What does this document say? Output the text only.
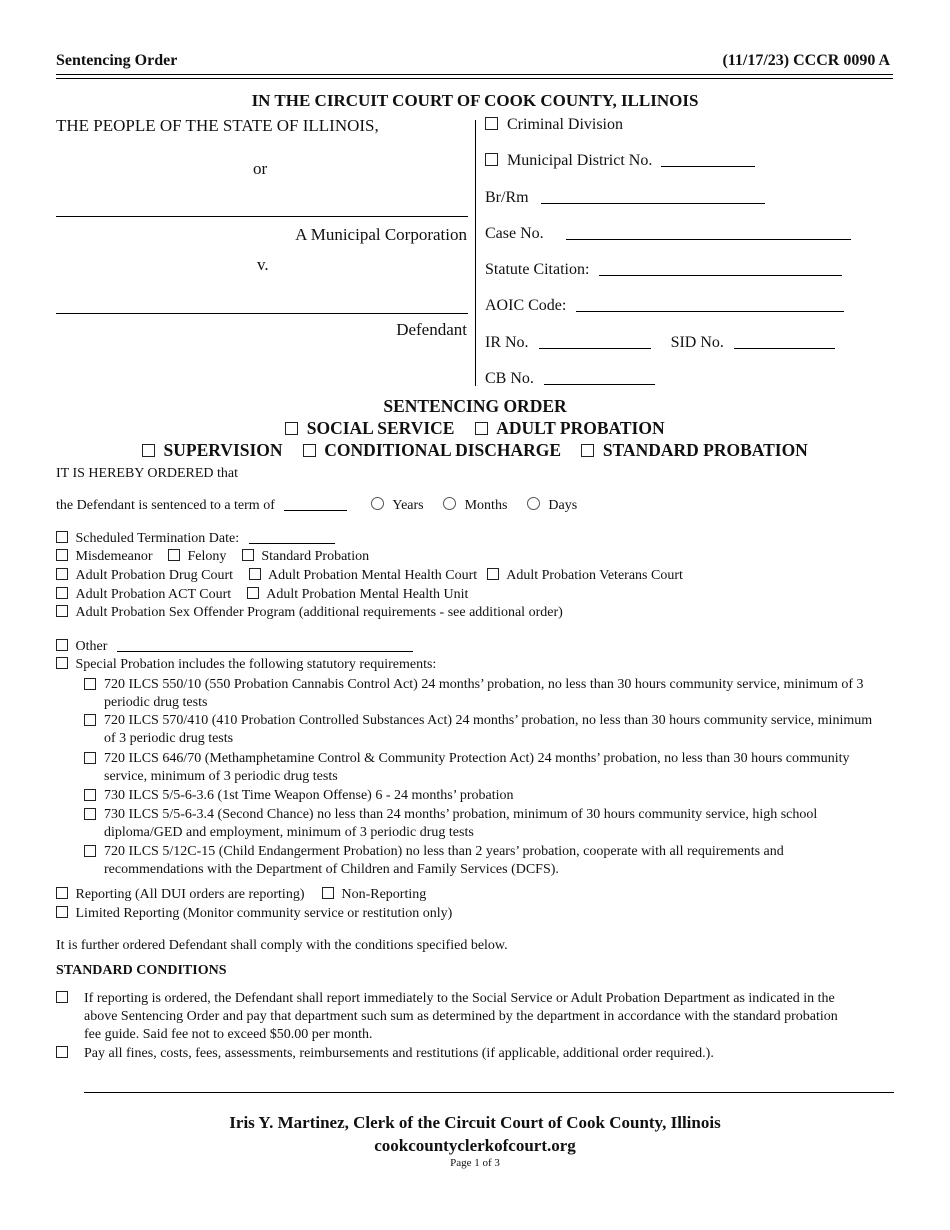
Sentencing Order	(11/17/23) CCCR 0090 A
IN THE CIRCUIT COURT OF COOK COUNTY, ILLINOIS
THE PEOPLE OF THE STATE OF ILLINOIS,
or
A Municipal Corporation
v.
Defendant
Criminal Division
Municipal District No.
Br/Rm
Case No.
Statute Citation:
AOIC Code:
IR No.	SID No.
CB No.
SENTENCING ORDER
SOCIAL SERVICE ADULT PROBATION
SUPERVISION CONDITIONAL DISCHARGE STANDARD PROBATION
IT IS HEREBY ORDERED that
the Defendant is sentenced to a term of	Years	Months	Days
Scheduled Termination Date:
Misdemeanor	Felony	Standard Probation
Adult Probation Drug Court	Adult Probation Mental Health Court Adult Probation Veterans Court
Adult Probation ACT Court	Adult Probation Mental Health Unit
Adult Probation Sex Offender Program (additional requirements - see additional order)
Other
Special Probation includes the following statutory requirements:
720 ILCS 550/10 (550 Probation Cannabis Control Act) 24 months’ probation, no less than 30 hours community service, minimum of 3 periodic drug tests
720 ILCS 570/410 (410 Probation Controlled Substances Act) 24 months’ probation, no less than 30 hours community service, minimum of 3 periodic drug tests
720 ILCS 646/70 (Methamphetamine Control & Community Protection Act) 24 months’ probation, no less than 30 hours community service, minimum of 3 periodic drug tests
730 ILCS 5/5-6-3.6 (1st Time Weapon Offense) 6 - 24 months’ probation
730 ILCS 5/5-6-3.4 (Second Chance) no less than 24 months’ probation, minimum of 30 hours community service, high school diploma/GED and employment, minimum of 3 periodic drug tests
720 ILCS 5/12C-15 (Child Endangerment Probation) no less than 2 years’ probation, cooperate with all requirements and recommendations with the Department of Children and Family Services (DCFS).
Reporting (All DUI orders are reporting)	Non-Reporting
Limited Reporting (Monitor community service or restitution only)
It is further ordered Defendant shall comply with the conditions specified below.
STANDARD CONDITIONS
If reporting is ordered, the Defendant shall report immediately to the Social Service or Adult Probation Department as indicated in the above Sentencing Order and pay that department such sum as determined by the department in accordance with the standard probation fee guide. Said fee not to exceed $50.00 per month.
Pay all fines, costs, fees, assessments, reimbursements and restitutions (if applicable, additional order required.).
Iris Y. Martinez, Clerk of the Circuit Court of Cook County, Illinois
cookcountyclerkofcourt.org
Page 1 of 3
